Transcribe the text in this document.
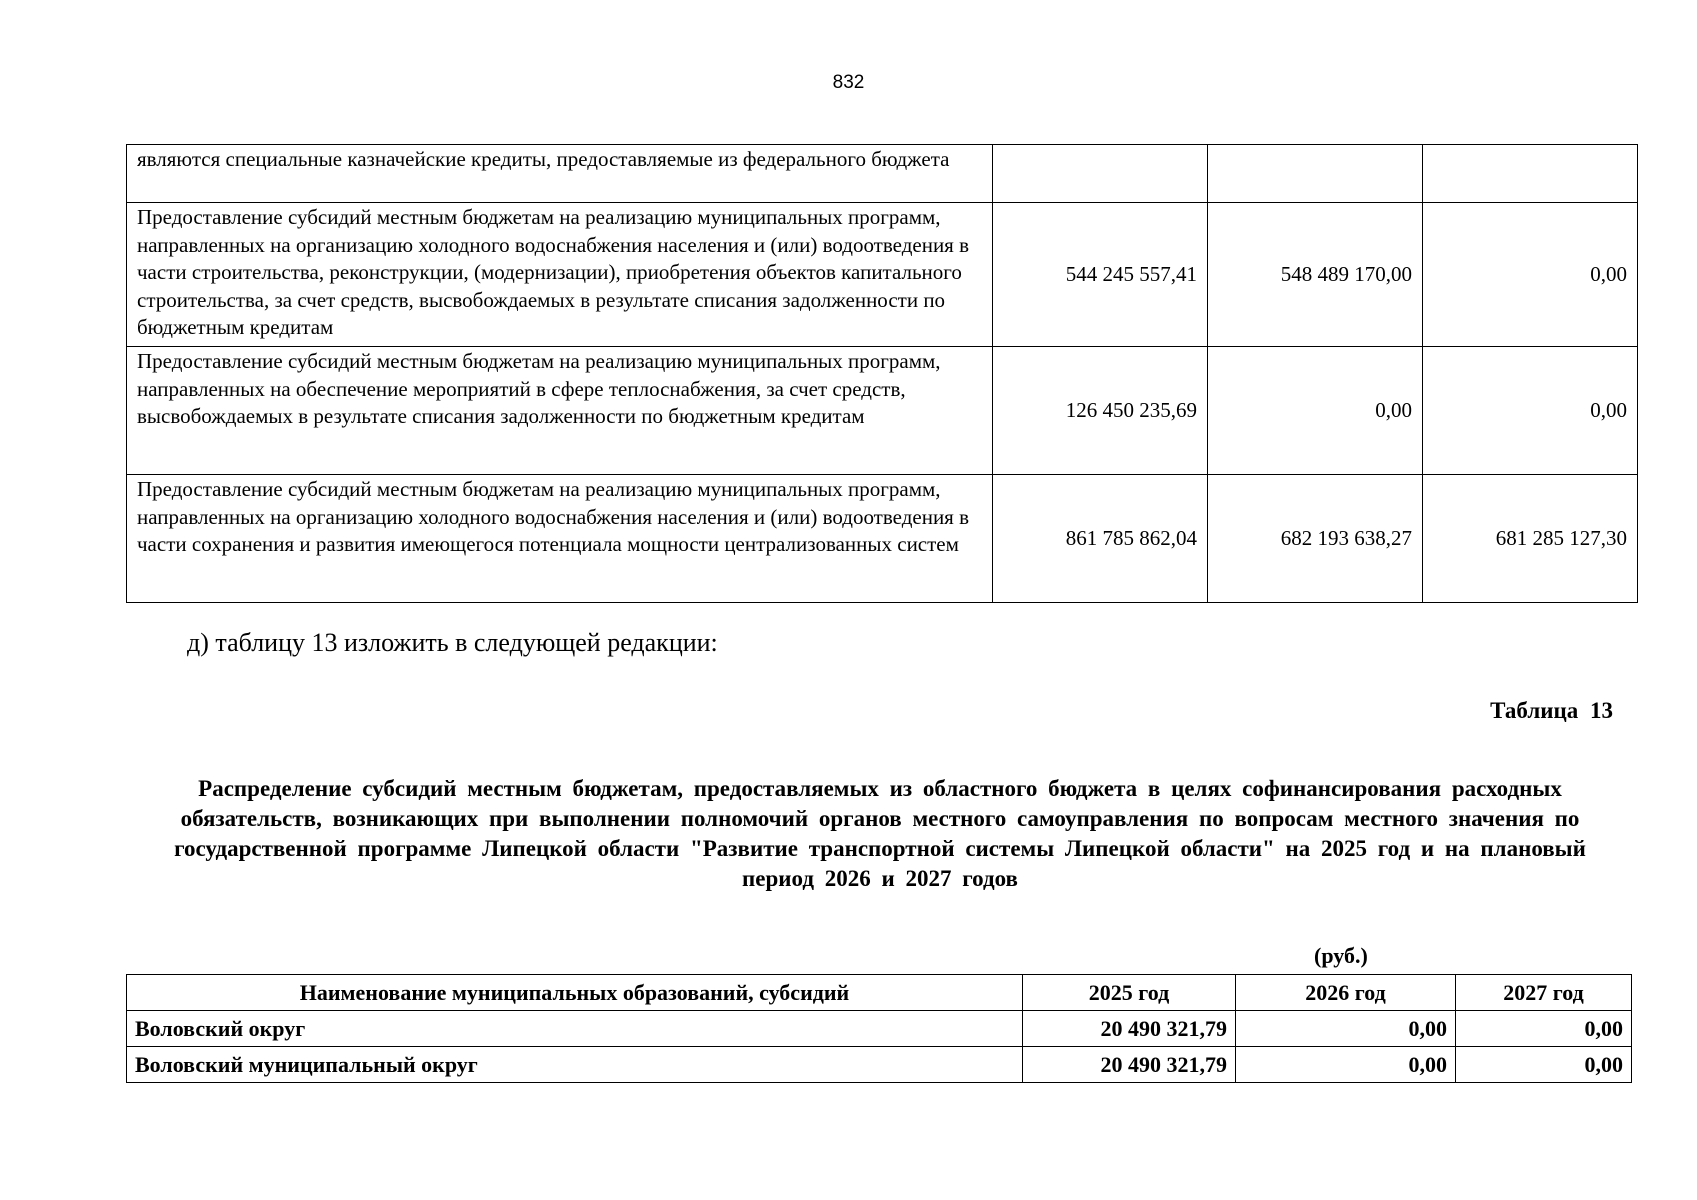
832
являются специальные казначейские кредиты, предоставляемые из федерального бюджета			
Предоставление субсидий местным бюджетам на реализацию муниципальных программ, направленных на организацию холодного водоснабжения населения и (или) водоотведения в части строительства, реконструкции, (модернизации), приобретения объектов капитального строительства, за счет средств, высвобождаемых в результате списания задолженности по бюджетным кредитам	544 245 557,41	548 489 170,00	0,00
Предоставление субсидий местным бюджетам на реализацию муниципальных программ, направленных на обеспечение мероприятий в сфере теплоснабжения, за счет средств, высвобождаемых в результате списания задолженности по бюджетным кредитам	126 450 235,69	0,00	0,00
Предоставление субсидий местным бюджетам на реализацию муниципальных программ, направленных на организацию холодного водоснабжения населения и (или) водоотведения в части сохранения и развития имеющегося потенциала мощности централизованных систем	861 785 862,04	682 193 638,27	681 285 127,30
д) таблицу 13 изложить в следующей редакции:
Таблица 13
Распределение субсидий местным бюджетам, предоставляемых из областного бюджета в целях софинансирования расходных обязательств, возникающих при выполнении полномочий органов местного самоуправления по вопросам местного значения по государственной программе Липецкой области "Развитие транспортной системы Липецкой области" на 2025 год и на плановый период 2026 и 2027 годов
(руб.)
Наименование муниципальных образований, субсидий	2025 год	2026 год	2027 год
Воловский округ	20 490 321,79	0,00	0,00
Воловский муниципальный округ	20 490 321,79	0,00	0,00
